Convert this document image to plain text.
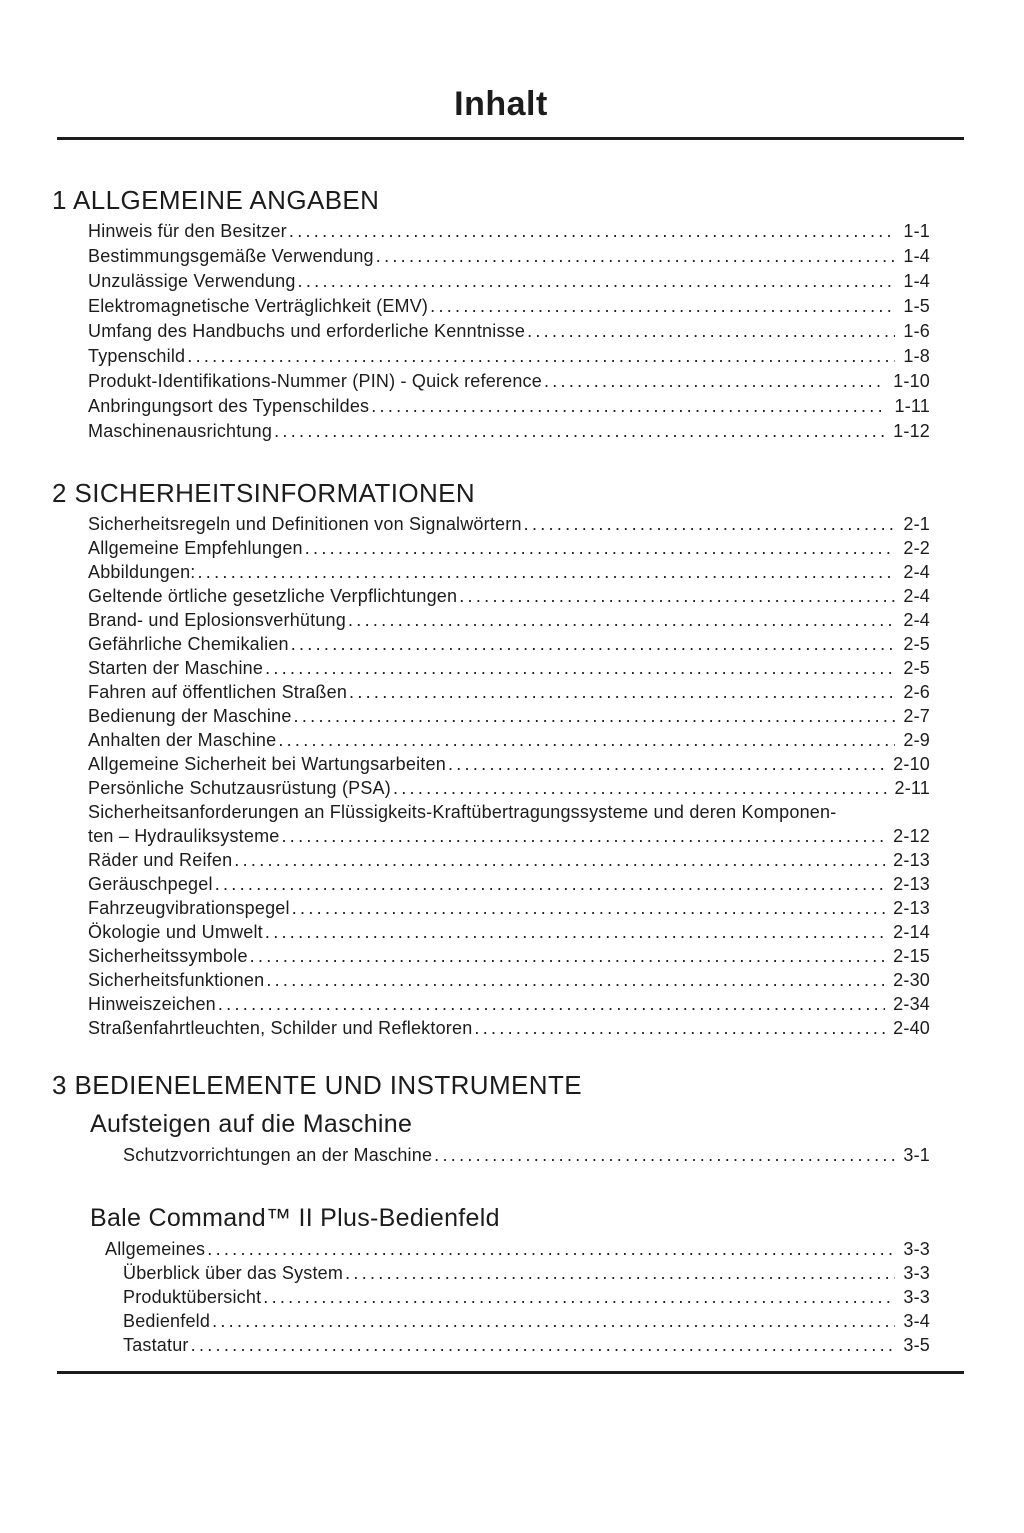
Inhalt
1 ALLGEMEINE ANGABEN
Hinweis für den Besitzer .....	1-1
Bestimmungsgemäße Verwendung .....	1-4
Unzulässige Verwendung .....	1-4
Elektromagnetische Verträglichkeit (EMV) .....	1-5
Umfang des Handbuchs und erforderliche Kenntnisse .....	1-6
Typenschild .....	1-8
Produkt-Identifikations-Nummer (PIN) - Quick reference .....	1-10
Anbringungsort des Typenschildes .....	1-11
Maschinenausrichtung .....	1-12
2 SICHERHEITSINFORMATIONEN
Sicherheitsregeln und Definitionen von Signalwörtern .....	2-1
Allgemeine Empfehlungen .....	2-2
Abbildungen: .....	2-4
Geltende örtliche gesetzliche Verpflichtungen .....	2-4
Brand- und Eplosionsverhütung .....	2-4
Gefährliche Chemikalien .....	2-5
Starten der Maschine .....	2-5
Fahren auf öffentlichen Straßen .....	2-6
Bedienung der Maschine .....	2-7
Anhalten der Maschine .....	2-9
Allgemeine Sicherheit bei Wartungsarbeiten .....	2-10
Persönliche Schutzausrüstung (PSA) .....	2-11
Sicherheitsanforderungen an Flüssigkeits-Kraftübertragungssysteme und deren Komponen-
ten – Hydrauliksysteme .....	2-12
Räder und Reifen .....	2-13
Geräuschpegel .....	2-13
Fahrzeugvibrationspegel .....	2-13
Ökologie und Umwelt .....	2-14
Sicherheitssymbole .....	2-15
Sicherheitsfunktionen .....	2-30
Hinweiszeichen .....	2-34
Straßenfahrtleuchten, Schilder und Reflektoren .....	2-40
3 BEDIENELEMENTE UND INSTRUMENTE
Aufsteigen auf die Maschine
Schutzvorrichtungen an der Maschine .....	3-1
Bale Command™ II Plus-Bedienfeld
Allgemeines .....	3-3
Überblick über das System .....	3-3
Produktübersicht .....	3-3
Bedienfeld .....	3-4
Tastatur .....	3-5
